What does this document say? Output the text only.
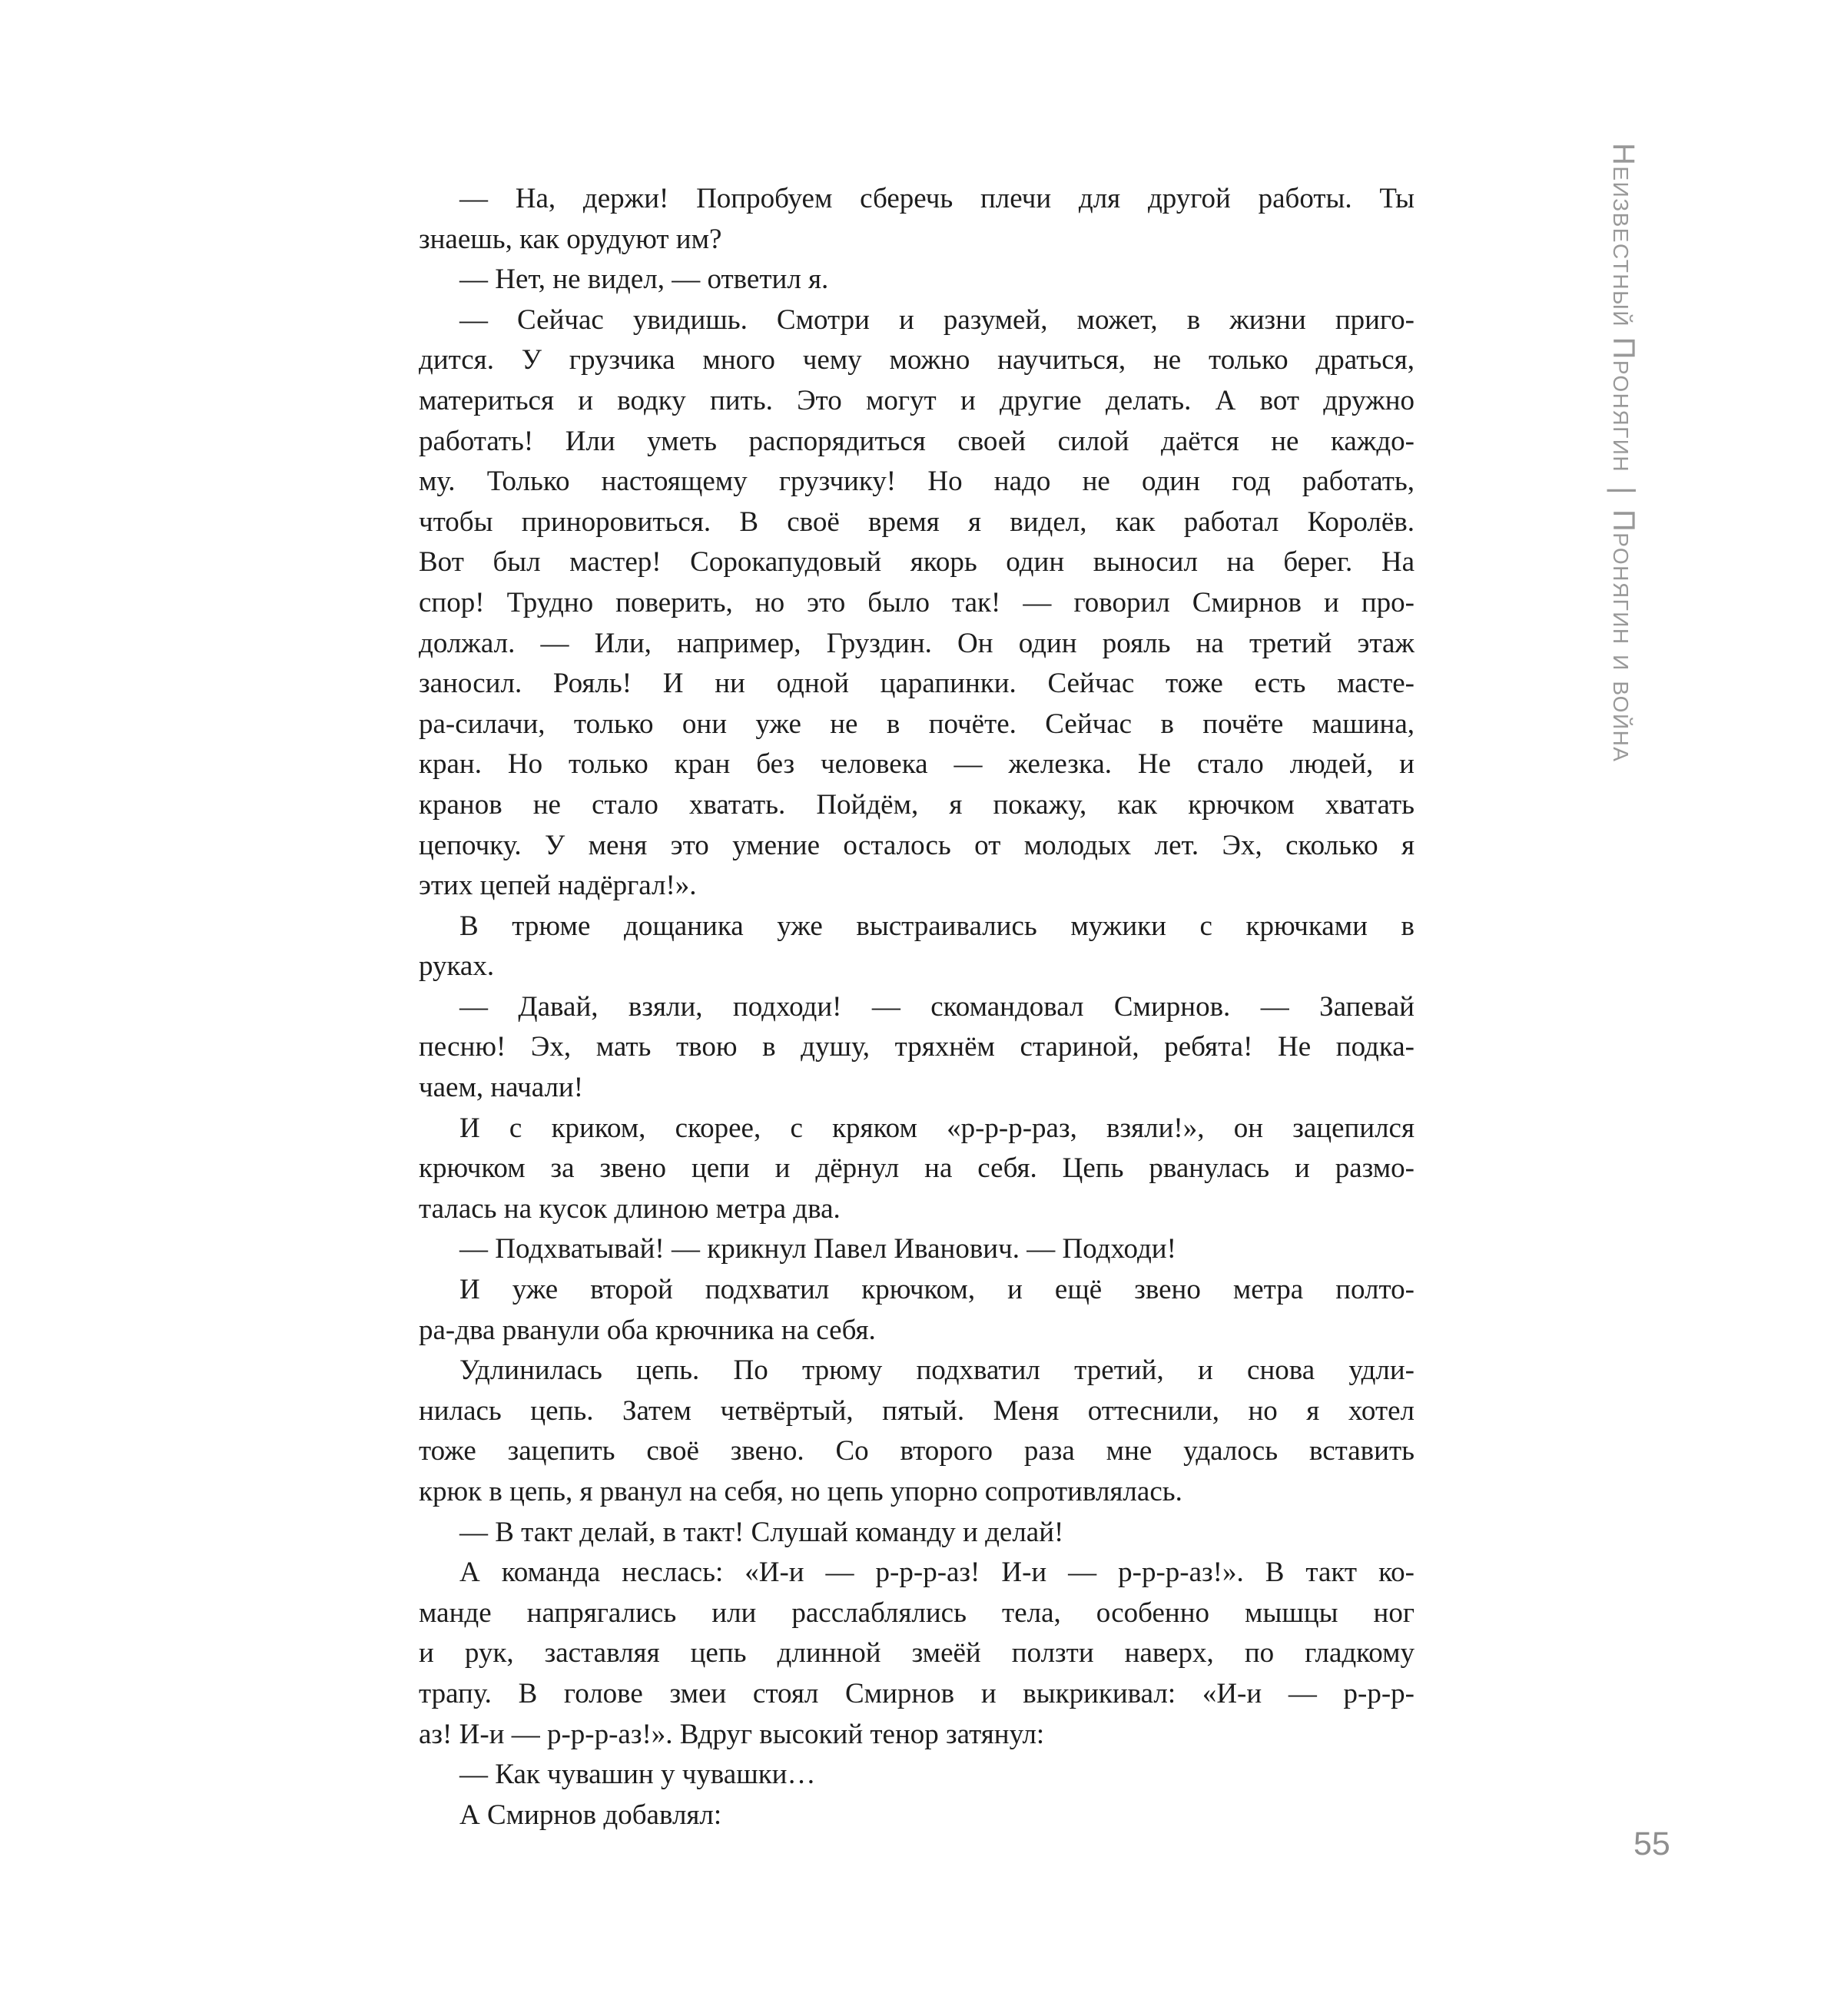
— На, держи! Попробуем сберечь плечи для другой работы. Ты
знаешь, как орудуют им?
— Нет, не видел, — ответил я.
— Сейчас увидишь. Смотри и разумей, может, в жизни приго-
дится. У грузчика много чему можно научиться, не только драться,
материться и водку пить. Это могут и другие делать. А вот дружно
работать! Или уметь распорядиться своей силой даётся не каждо-
му. Только настоящему грузчику! Но надо не один год работать,
чтобы приноровиться. В своё время я видел, как работал Королёв.
Вот был мастер! Сорокапудовый якорь один выносил на берег. На
спор! Трудно поверить, но это было так! — говорил Смирнов и про-
должал. — Или, например, Груздин. Он один рояль на третий этаж
заносил. Рояль! И ни одной царапинки. Сейчас тоже есть масте-
ра-силачи, только они уже не в почёте. Сейчас в почёте машина,
кран. Но только кран без человека — железка. Не стало людей, и
кранов не стало хватать. Пойдём, я покажу, как крючком хватать
цепочку. У меня это умение осталось от молодых лет. Эх, сколько я
этих цепей надёргал!».
В трюме дощаника уже выстраивались мужики с крючками в
руках.
— Давай, взяли, подходи! — скомандовал Смирнов. — Запевай
песню! Эх, мать твою в душу, тряхнём стариной, ребята! Не подка-
чаем, начали!
И с криком, скорее, с кряком «р-р-р-раз, взяли!», он зацепился
крючком за звено цепи и дёрнул на себя. Цепь рванулась и размо-
талась на кусок длиною метра два.
— Подхватывай! — крикнул Павел Иванович. — Подходи!
И уже второй подхватил крючком, и ещё звено метра полто-
ра-два рванули оба крючника на себя.
Удлинилась цепь. По трюму подхватил третий, и снова удли-
нилась цепь. Затем четвёртый, пятый. Меня оттеснили, но я хотел
тоже зацепить своё звено. Со второго раза мне удалось вставить
крюк в цепь, я рванул на себя, но цепь упорно сопротивлялась.
— В такт делай, в такт! Слушай команду и делай!
А команда неслась: «И-и — р-р-р-аз! И-и — р-р-р-аз!». В такт ко-
манде напрягались или расслаблялись тела, особенно мышцы ног
и рук, заставляя цепь длинной змеёй ползти наверх, по гладкому
трапу. В голове змеи стоял Смирнов и выкрикивал: «И-и — р-р-р-
аз! И-и — р-р-р-аз!». Вдруг высокий тенор затянул:
— Как чувашин у чувашки…
А Смирнов добавлял:
Неизвестный Пронягин|Пронягин и война
55
